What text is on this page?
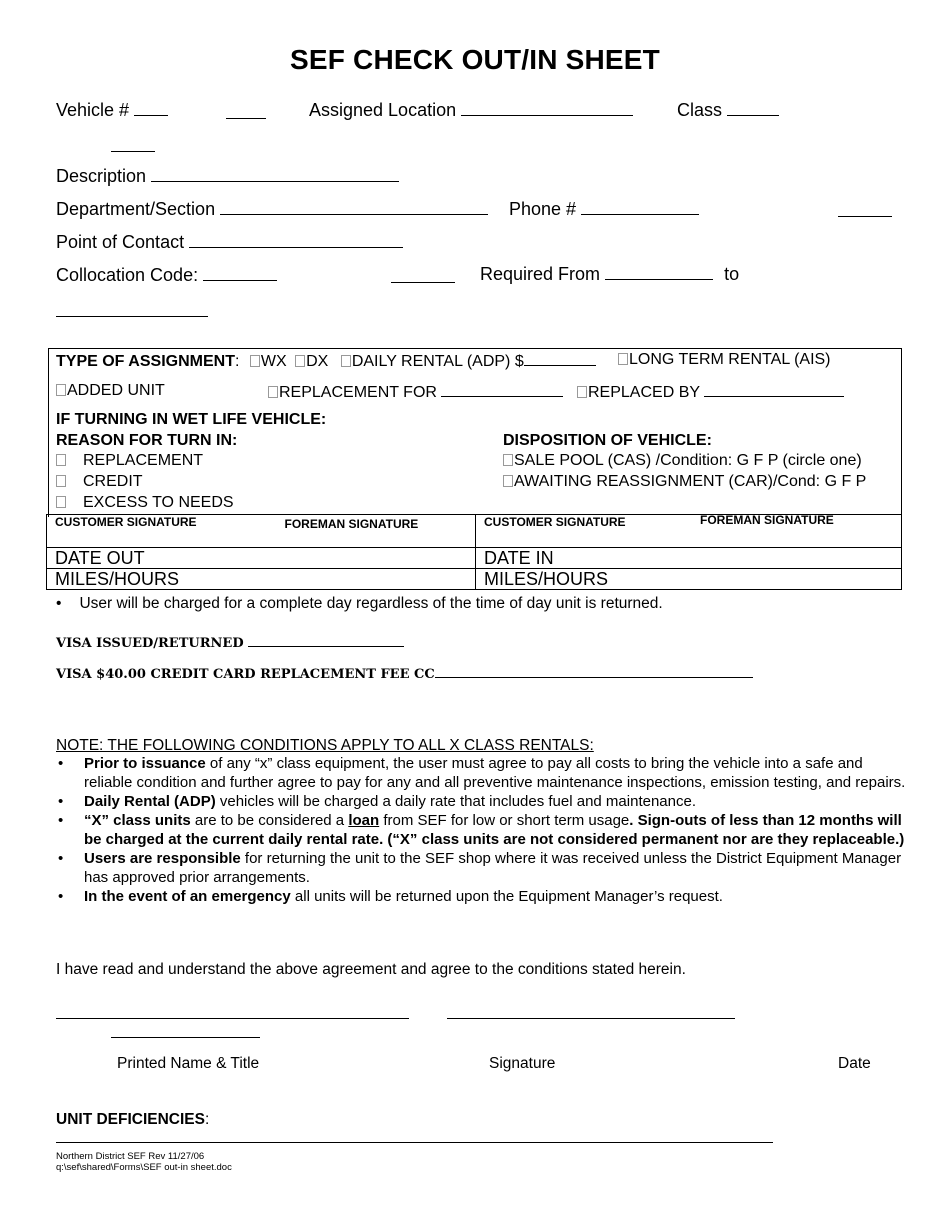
SEF CHECK OUT/IN SHEET
Vehicle #	Assigned Location	Class
Description
Department/Section	Phone #
Point of Contact
Collocation Code:	Required From	to
TYPE OF ASSIGNMENT: WX DX DAILY RENTAL (ADP) $	LONG TERM RENTAL (AIS)
ADDED UNIT	REPLACEMENT FOR	REPLACED BY
IF TURNING IN WET LIFE VEHICLE:
REASON FOR TURN IN:	DISPOSITION OF VEHICLE:
REPLACEMENT
CREDIT
EXCESS TO NEEDS
SALE POOL (CAS) /Condition: G F P (circle one)
AWAITING REASSIGNMENT (CAR)/Cond: G F P
CUSTOMER SIGNATURE FOREMAN SIGNATURE	CUSTOMER SIGNATURE FOREMAN SIGNATURE

DATE OUT	DATE IN
MILES/HOURS	MILES/HOURS
• User will be charged for a complete day regardless of the time of day unit is returned.
VISA ISSUED/RETURNED
VISA $40.00 CREDIT CARD REPLACEMENT FEE CC
NOTE: THE FOLLOWING CONDITIONS APPLY TO ALL X CLASS RENTALS:
• Prior to issuance of any “x” class equipment, the user must agree to pay all costs to bring the vehicle into a safe and reliable condition and further agree to pay for any and all preventive maintenance inspections, emission testing, and repairs.
• Daily Rental (ADP) vehicles will be charged a daily rate that includes fuel and maintenance.
• “X” class units are to be considered a loan from SEF for low or short term usage. Sign-outs of less than 12 months will be charged at the current daily rental rate. (“X” class units are not considered permanent nor are they replaceable.)
• Users are responsible for returning the unit to the SEF shop where it was received unless the District Equipment Manager has approved prior arrangements.
• In the event of an emergency all units will be returned upon the Equipment Manager’s request.
I have read and understand the above agreement and agree to the conditions stated herein.
Printed Name & Title	Signature	Date
UNIT DEFICIENCIES:
Northern District SEF Rev 11/27/06
q:\sef\shared\Forms\SEF out-in sheet.doc
